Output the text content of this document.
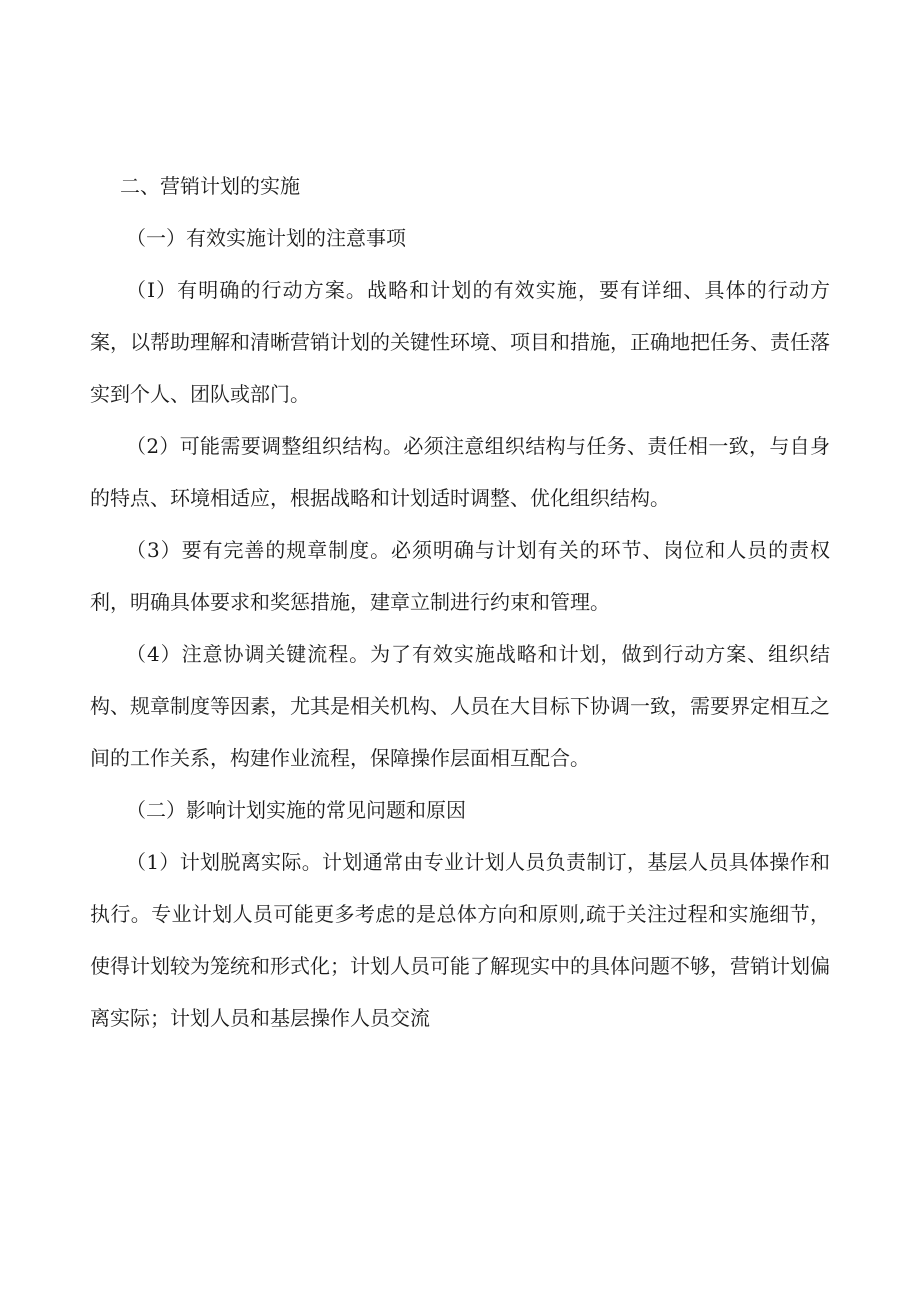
二、营销计划的实施

（一）有效实施计划的注意事项

（I）有明确的行动方案。战略和计划的有效实施，要有详细、具体的行动方案，以帮助理解和清晰营销计划的关键性环境、项目和措施，正确地把任务、责任落实到个人、团队或部门。

（2）可能需要调整组织结构。必须注意组织结构与任务、责任相一致，与自身的特点、环境相适应，根据战略和计划适时调整、优化组织结构。

（3）要有完善的规章制度。必须明确与计划有关的环节、岗位和人员的责权利，明确具体要求和奖惩措施，建章立制进行约束和管理。

（4）注意协调关键流程。为了有效实施战略和计划，做到行动方案、组织结构、规章制度等因素，尤其是相关机构、人员在大目标下协调一致，需要界定相互之间的工作关系，构建作业流程，保障操作层面相互配合。

（二）影响计划实施的常见问题和原因

（1）计划脱离实际。计划通常由专业计划人员负责制订，基层人员具体操作和执行。专业计划人员可能更多考虑的是总体方向和原则,疏于关注过程和实施细节，使得计划较为笼统和形式化；计划人员可能了解现实中的具体问题不够，营销计划偏离实际；计划人员和基层操作人员交流
